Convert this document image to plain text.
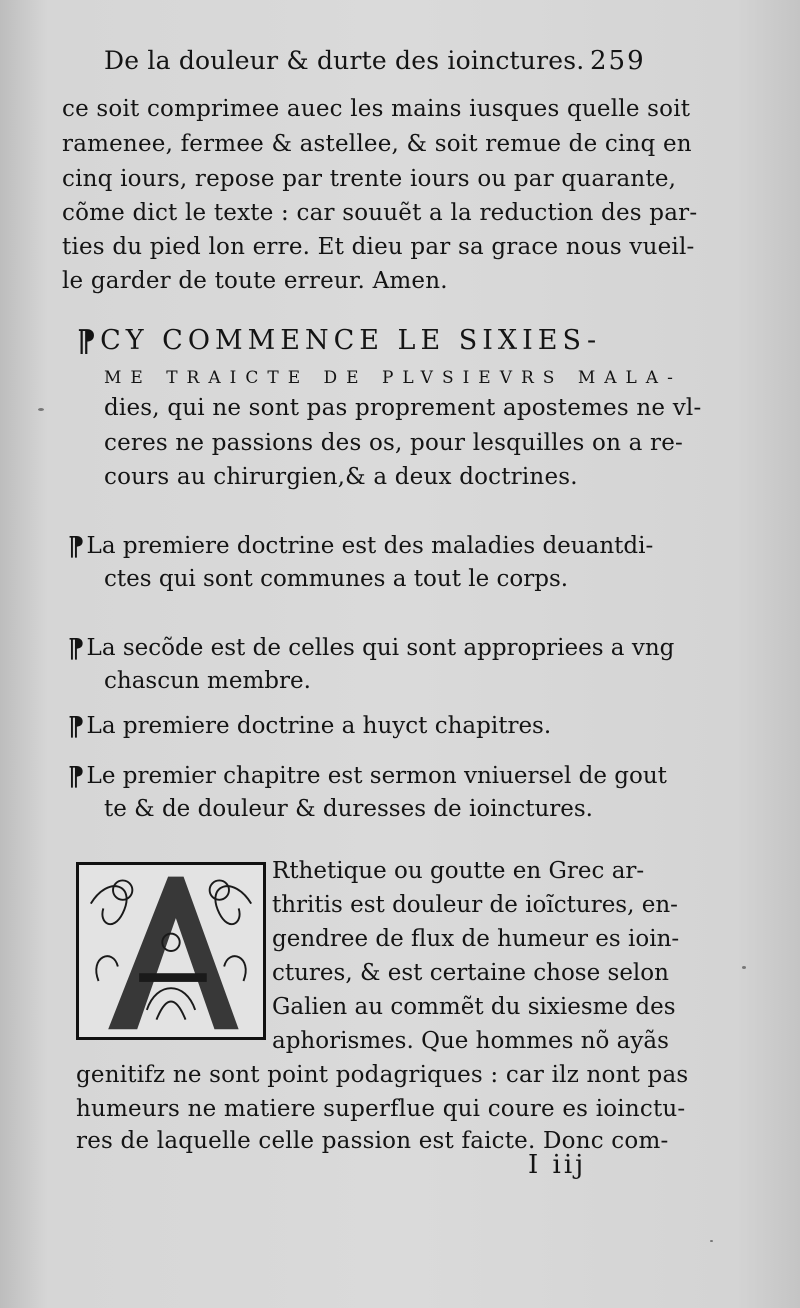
De la douleur & durte des ioinctures. 259
ce soit comprimee auec les mains iusques quelle soit
ramenee, fermee & astellee, & soit remue de cinq en
cinq iours, repose par trente iours ou par quarante,
cõme dict le texte : car souuẽt a la reduction des par-
ties du pied lon erre. Et dieu par sa grace nous vueil-
le garder de toute erreur. Amen.
¶ CY COMMENCE LE SIXIES-
ME TRAICTE DE PLVSIEVRS MALA-
dies, qui ne sont pas proprement apostemes ne vl-
ceres ne passions des os, pour lesquilles on a re-
cours au chirurgien,& a deux doctrines.
¶La premiere doctrine est des maladies deuantdi-
ctes qui sont communes a tout le corps.
¶La secõde est de celles qui sont appropriees a vng
chascun membre.
¶La premiere doctrine a huyct chapitres.
¶Le premier chapitre est sermon vniuersel de gout
te & de douleur & duresses de ioinctures.
Rthetique ou goutte en Grec ar-
thritis est douleur de ioĩctures, en-
gendree de flux de humeur es ioin-
ctures, & est certaine chose selon
Galien au commẽt du sixiesme des
aphorismes. Que hommes nõ ayãs
genitifz ne sont point podagriques : car ilz nont pas
humeurs ne matiere superflue qui coure es ioinctu-
res de laquelle celle passion est faicte. Donc com-
I iij
